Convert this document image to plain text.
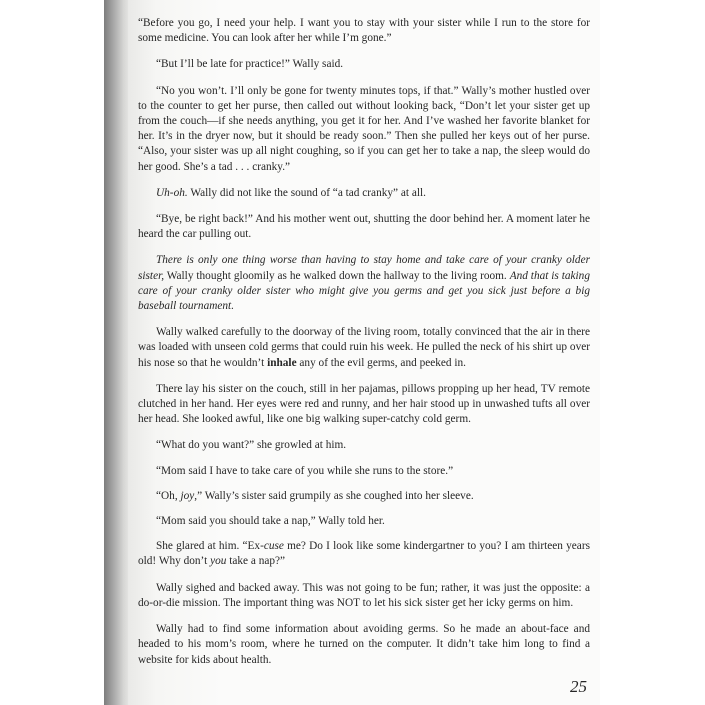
“Before you go, I need your help. I want you to stay with your sister while I run to the store for some medicine. You can look after her while I’m gone.”

“But I’ll be late for practice!” Wally said.

“No you won’t. I’ll only be gone for twenty minutes tops, if that.” Wally’s mother hustled over to the counter to get her purse, then called out without looking back, “Don’t let your sister get up from the couch—if she needs anything, you get it for her. And I’ve washed her favorite blanket for her. It’s in the dryer now, but it should be ready soon.” Then she pulled her keys out of her purse. “Also, your sister was up all night coughing, so if you can get her to take a nap, the sleep would do her good. She’s a tad . . . cranky.”

Uh-oh. Wally did not like the sound of “a tad cranky” at all.

“Bye, be right back!” And his mother went out, shutting the door behind her. A moment later he heard the car pulling out.

There is only one thing worse than having to stay home and take care of your cranky older sister, Wally thought gloomily as he walked down the hallway to the living room. And that is taking care of your cranky older sister who might give you germs and get you sick just before a big baseball tournament.

Wally walked carefully to the doorway of the living room, totally convinced that the air in there was loaded with unseen cold germs that could ruin his week. He pulled the neck of his shirt up over his nose so that he wouldn’t inhale any of the evil germs, and peeked in.

There lay his sister on the couch, still in her pajamas, pillows propping up her head, TV remote clutched in her hand. Her eyes were red and runny, and her hair stood up in unwashed tufts all over her head. She looked awful, like one big walking super-catchy cold germ.

“What do you want?” she growled at him.

“Mom said I have to take care of you while she runs to the store.”

“Oh, joy,” Wally’s sister said grumpily as she coughed into her sleeve.

“Mom said you should take a nap,” Wally told her.

She glared at him. “Ex-cuse me? Do I look like some kindergartner to you? I am thirteen years old! Why don’t you take a nap?”

Wally sighed and backed away. This was not going to be fun; rather, it was just the opposite: a do-or-die mission. The important thing was NOT to let his sick sister get her icky germs on him.

Wally had to find some information about avoiding germs. So he made an about-face and headed to his mom’s room, where he turned on the computer. It didn’t take him long to find a website for kids about health.

25
